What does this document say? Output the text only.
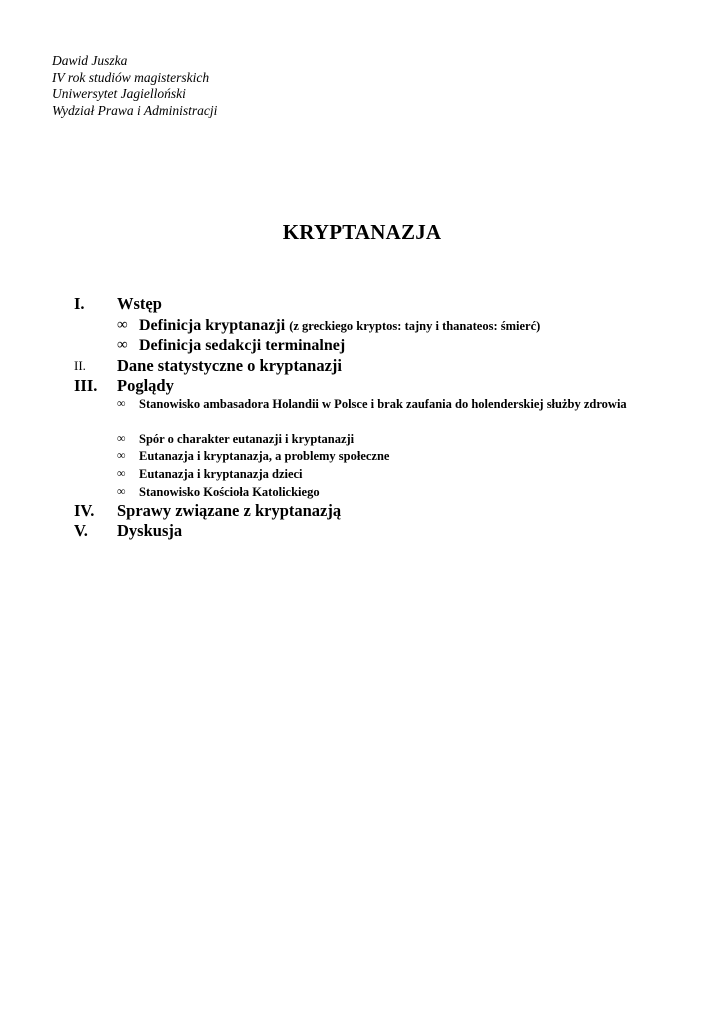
Dawid Juszka
IV rok studiów magisterskich
Uniwersytet Jagielloński
Wydział Prawa i Administracji
KRYPTANAZJA
I. Wstęp
∞ Definicja kryptanazji (z greckiego kryptos: tajny i thanateos: śmierć)
∞ Definicja sedakcji terminalnej
II. Dane statystyczne o kryptanazji
III. Poglądy
∞ Stanowisko ambasadora Holandii w Polsce i brak zaufania do holenderskiej służby zdrowia
∞ Spór o charakter eutanazji i kryptanazji
∞ Eutanazja i kryptanazja, a problemy społeczne
∞ Eutanazja i kryptanazja dzieci
∞ Stanowisko Kościoła Katolickiego
IV. Sprawy związane z kryptanazją
V. Dyskusja
